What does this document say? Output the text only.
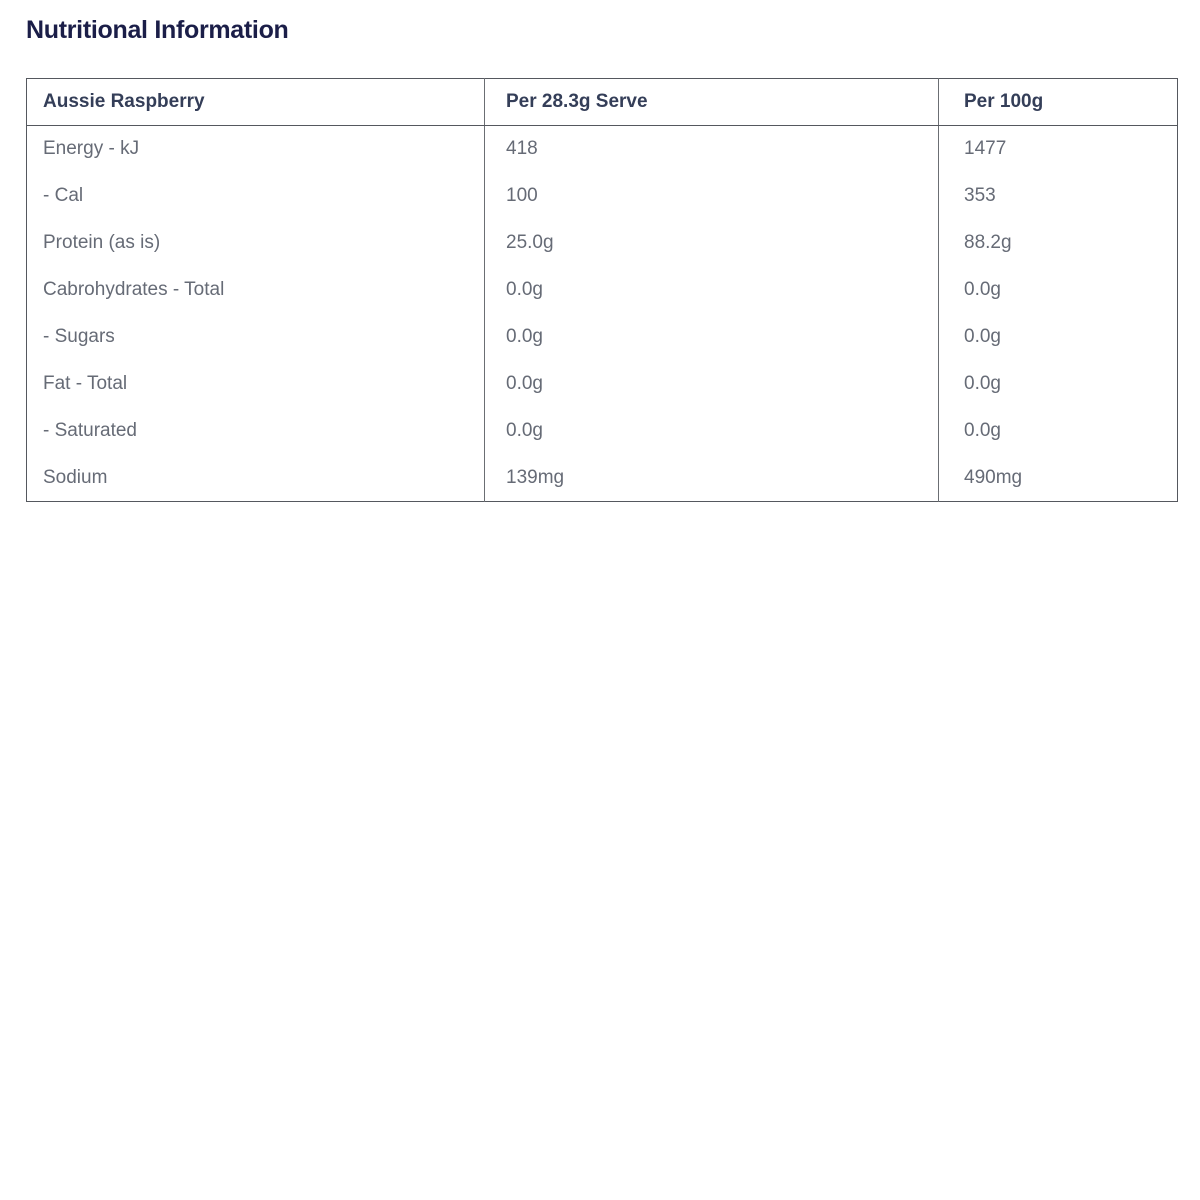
Nutritional Information
Aussie Raspberry	Per 28.3g Serve	Per 100g
Energy - kJ	418	1477
- Cal	100	353
Protein (as is)	25.0g	88.2g
Cabrohydrates - Total	0.0g	0.0g
- Sugars	0.0g	0.0g
Fat - Total	0.0g	0.0g
- Saturated	0.0g	0.0g
Sodium	139mg	490mg
